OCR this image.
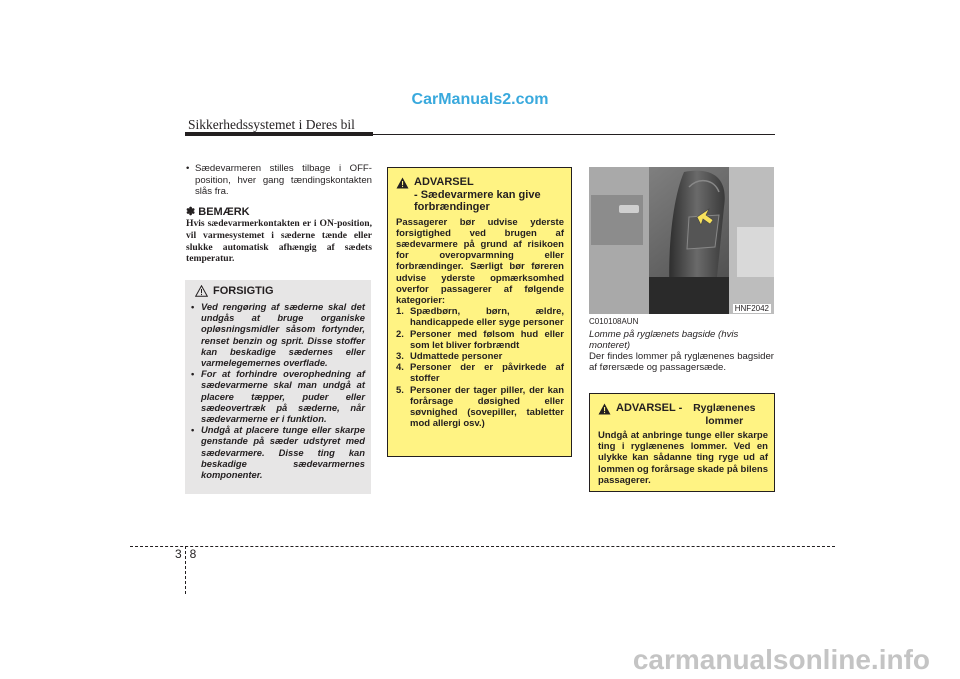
CarManuals2.com
Sikkerhedssystemet i Deres bil
• Sædevarmeren stilles tilbage i OFF-position, hver gang tændingskontakten slås fra.
✽ BEMÆRK
Hvis sædevarmerkontakten er i ON-position, vil varmesystemet i sæderne tænde eller slukke automatisk afhængig af sædets temperatur.
FORSIGTIG
• Ved rengøring af sæderne skal det undgås at bruge organiske opløsningsmidler såsom fortynder, renset benzin og sprit. Disse stoffer kan beskadige sædernes eller varmelegemernes overflade.
• For at forhindre overophedning af sædevarmerne skal man undgå at placere tæpper, puder eller sædeovertræk på sæderne, når sædevarmerne er i funktion.
• Undgå at placere tunge eller skarpe genstande på sæder udstyret med sædevarmere. Disse ting kan beskadige sædevarmernes komponenter.
ADVARSEL
- Sædevarmere kan give forbrændinger
Passagerer bør udvise yderste forsigtighed ved brugen af sædevarmere på grund af risikoen for overopvarmning eller forbrændinger. Særligt bør føreren udvise yderste opmærksomhed overfor passagerer af følgende kategorier:
1. Spædbørn, børn, ældre, handicappede eller syge personer
2. Personer med følsom hud eller som let bliver forbrændt
3. Udmattede personer
4. Personer der er påvirkede af stoffer
5. Personer der tager piller, der kan forårsage døsighed eller søvnighed (sovepiller, tabletter mod allergi osv.)
HNF2042
C010108AUN
Lomme på ryglænets bagside (hvis monteret)
Der findes lommer på ryglænenes bagsider af førersæde og passagersæde.
ADVARSEL - Ryglænenes lommer
Undgå at anbringe tunge eller skarpe ting i ryglænenes lommer. Ved en ulykke kan sådanne ting ryge ud af lommen og forårsage skade på bilens passagerer.
38
carmanualsonline.info
